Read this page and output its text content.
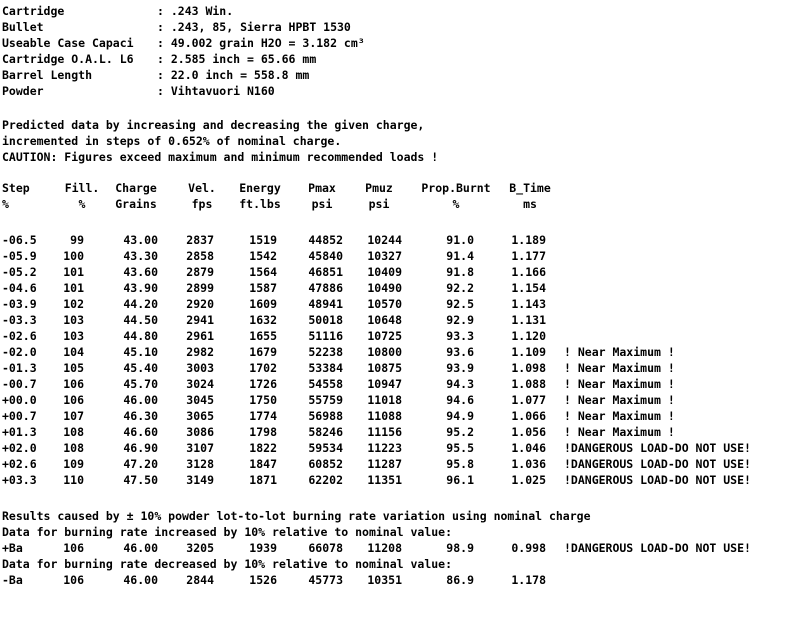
Cartridge	: .243 Win.
Bullet	: .243, 85, Sierra HPBT 1530
Useable Case Capaci : 49.002 grain H2O = 3.182 cm³
Cartridge O.A.L. L6 : 2.585 inch = 65.66 mm
Barrel Length	: 22.0 inch = 558.8 mm
Powder	: Vihtavuori N160
Predicted data by increasing and decreasing the given charge,
incremented in steps of 0.652% of nominal charge.
CAUTION: Figures exceed maximum and minimum recommended loads !
Step	Fill.	Charge	Vel.	Energy	Pmax	Pmuz	Prop.Burnt	B_Time
%	%	Grains	fps	ft.lbs	psi	psi	%	ms
-06.5	99	43.00	2837	1519	44852	10244	91.0	1.189
-05.9	100	43.30	2858	1542	45840	10327	91.4	1.177
-05.2	101	43.60	2879	1564	46851	10409	91.8	1.166
-04.6	101	43.90	2899	1587	47886	10490	92.2	1.154
-03.9	102	44.20	2920	1609	48941	10570	92.5	1.143
-03.3	103	44.50	2941	1632	50018	10648	92.9	1.131
-02.6	103	44.80	2961	1655	51116	10725	93.3	1.120
-02.0	104	45.10	2982	1679	52238	10800	93.6	1.109 ! Near Maximum !
-01.3	105	45.40	3003	1702	53384	10875	93.9	1.098 ! Near Maximum !
-00.7	106	45.70	3024	1726	54558	10947	94.3	1.088 ! Near Maximum !
+00.0	106	46.00	3045	1750	55759	11018	94.6	1.077 ! Near Maximum !
+00.7	107	46.30	3065	1774	56988	11088	94.9	1.066 ! Near Maximum !
+01.3	108	46.60	3086	1798	58246	11156	95.2	1.056 ! Near Maximum !
+02.0	108	46.90	3107	1822	59534	11223	95.5	1.046 !DANGEROUS LOAD-DO NOT USE!
+02.6	109	47.20	3128	1847	60852	11287	95.8	1.036 !DANGEROUS LOAD-DO NOT USE!
+03.3	110	47.50	3149	1871	62202	11351	96.1	1.025 !DANGEROUS LOAD-DO NOT USE!
Results caused by ± 10% powder lot-to-lot burning rate variation using nominal charge
Data for burning rate increased by 10% relative to nominal value:
+Ba	106	46.00	3205	1939	66078	11208	98.9	0.998 !DANGEROUS LOAD-DO NOT USE!
Data for burning rate decreased by 10% relative to nominal value:
-Ba	106	46.00	2844	1526	45773	10351	86.9	1.178
